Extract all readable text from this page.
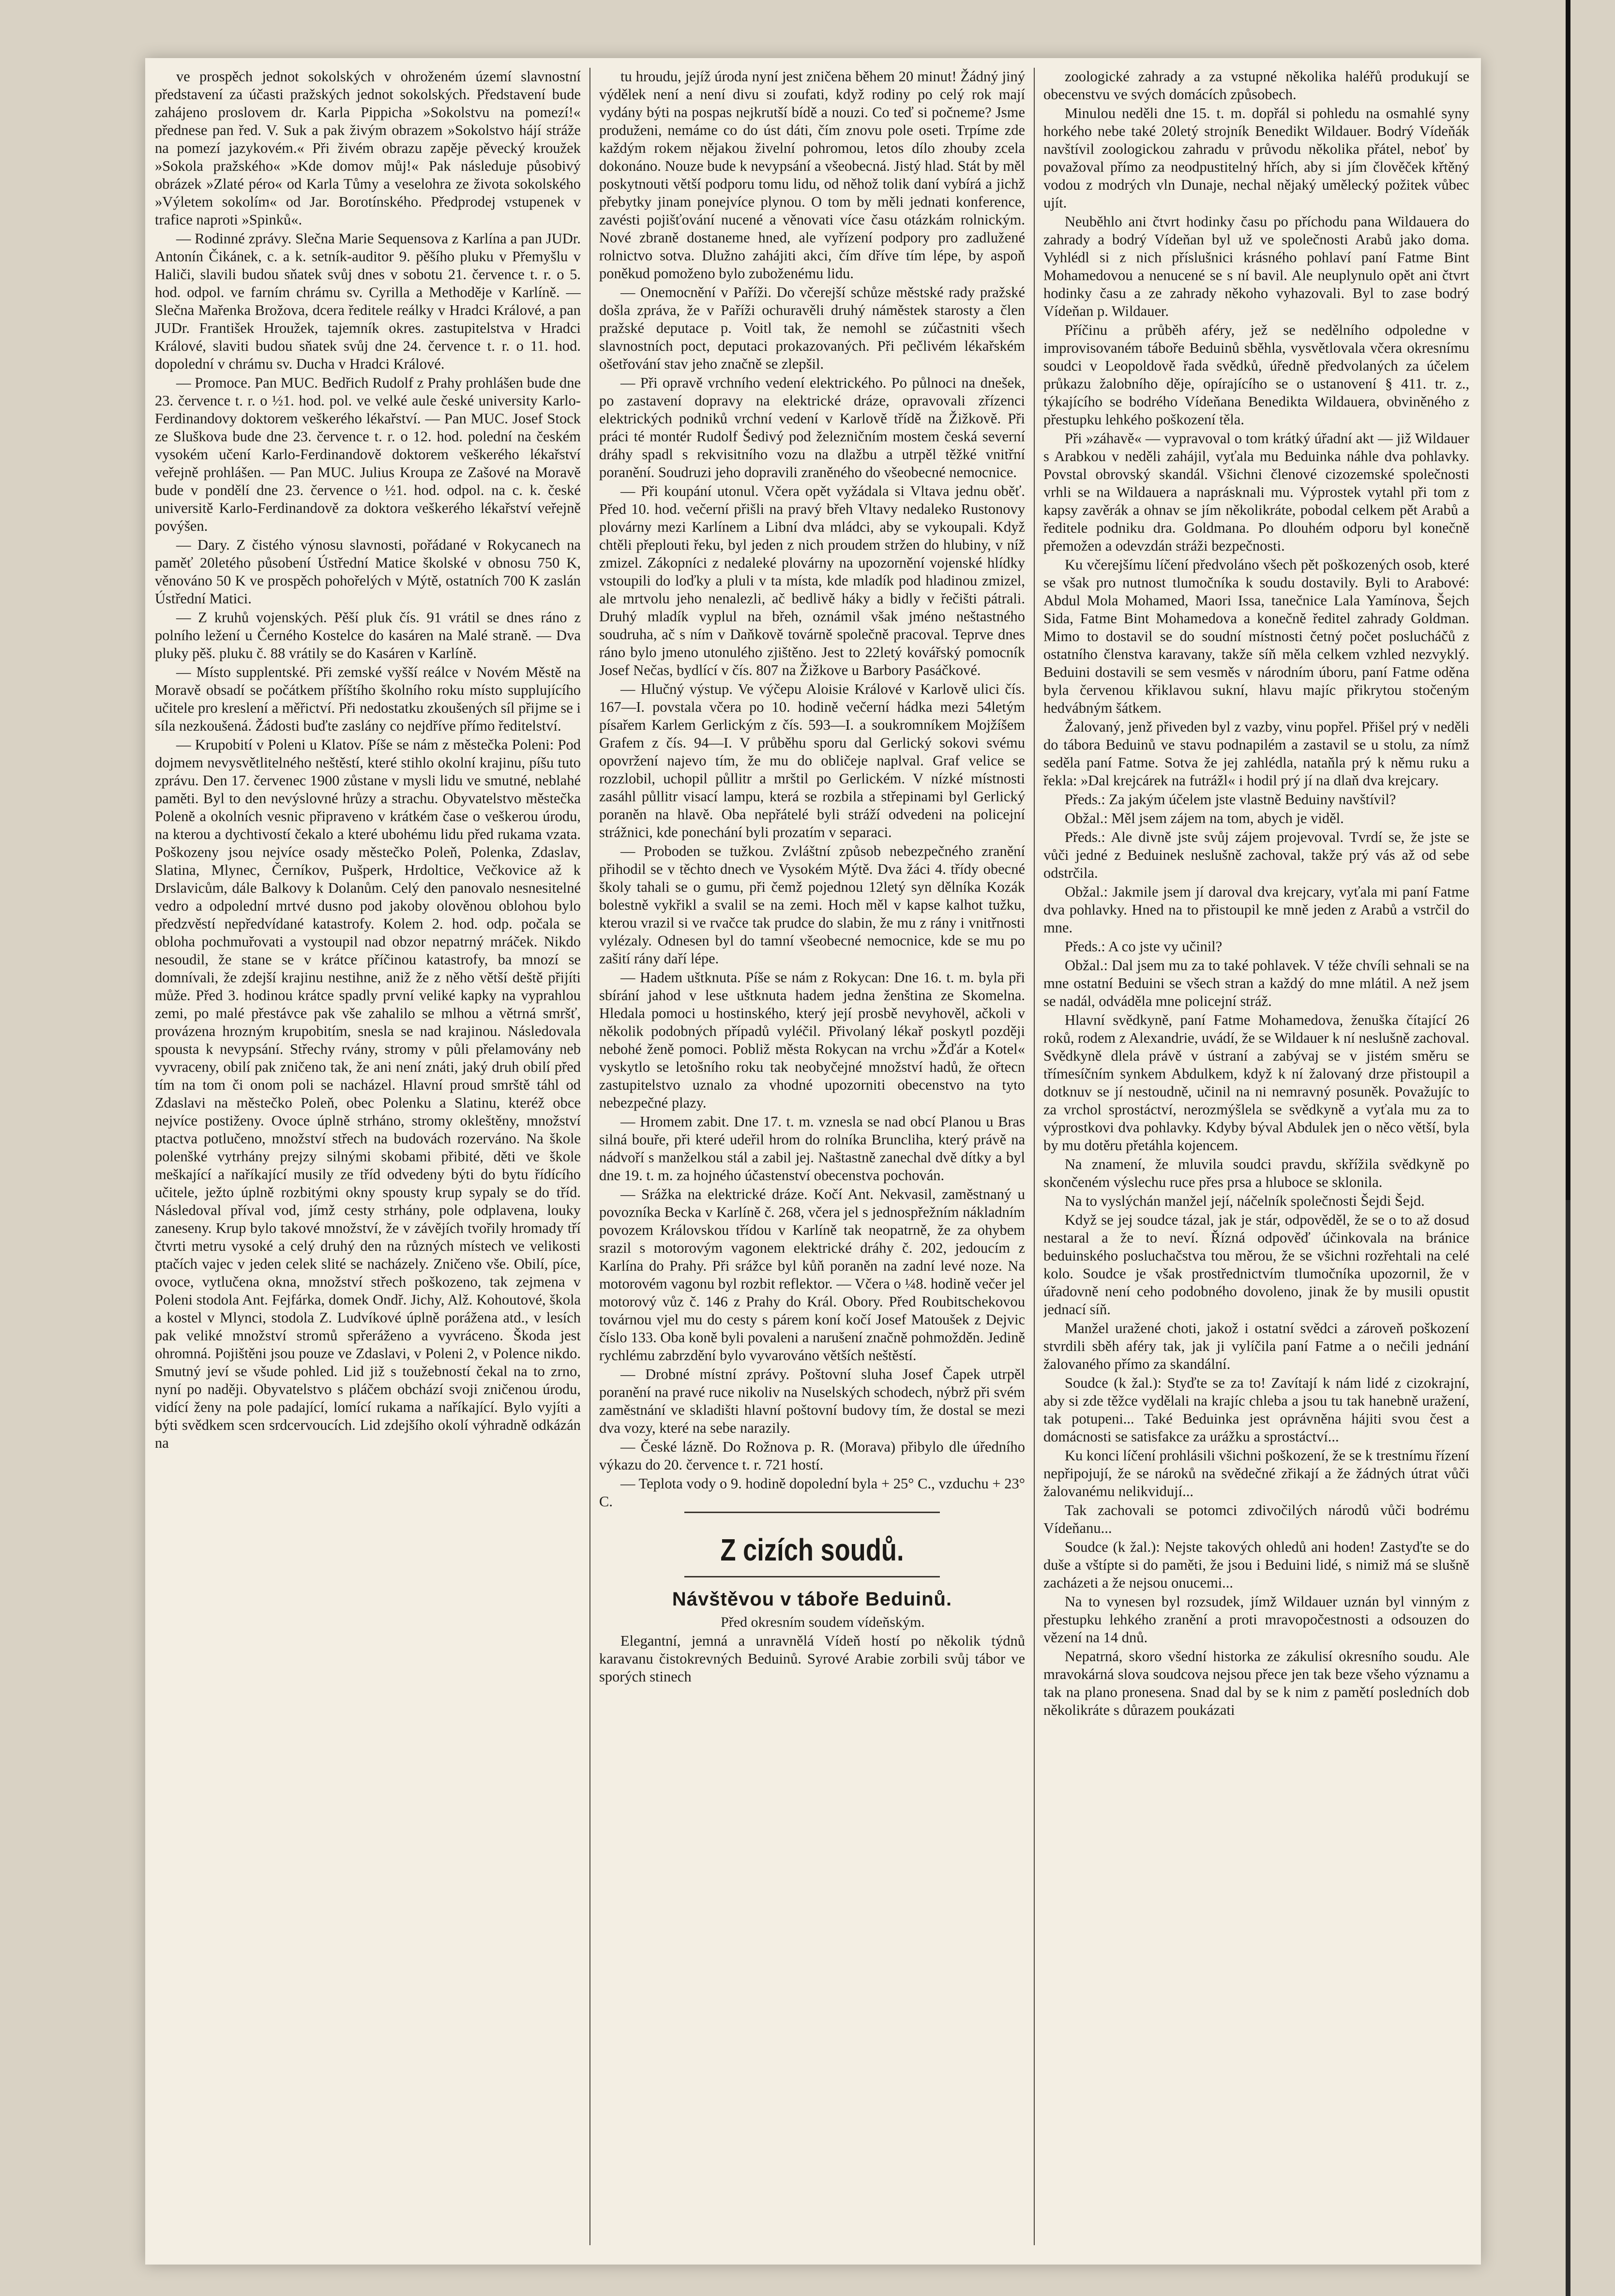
ve prospěch jednot sokolských v ohroženém území slavnostní představení za účasti pražských jednot sokolských. Představení bude zahájeno proslovem dr. Karla Pippicha »Sokolstvu na pomezí!« přednese pan řed. V. Suk a pak živým obrazem »Sokolstvo hájí stráže na pomezí jazykovém.« Při živém obrazu zapěje pěvecký kroužek »Sokola pražského« »Kde domov můj!« Pak následuje působivý obrázek »Zlaté péro« od Karla Tůmy a veselohra ze života sokolského »Výletem sokolím« od Jar. Borotínského. Předprodej vstupenek v trafice naproti »Spinků«.

— Rodinné zprávy. Slečna Marie Sequensova z Karlína a pan JUDr. Antonín Čikánek, c. a k. setník-auditor 9. pěšího pluku v Přemyšlu v Haliči, slavili budou sňatek svůj dnes v sobotu 21. července t. r. o 5. hod. odpol. ve farním chrámu sv. Cyrilla a Methoděje v Karlíně. — Slečna Mařenka Brožova, dcera ředitele reálky v Hradci Králové, a pan JUDr. František Hroužek, tajemník okres. zastupitelstva v Hradci Králové, slaviti budou sňatek svůj dne 24. července t. r. o 11. hod. dopolední v chrámu sv. Ducha v Hradci Králové.

— Promoce. Pan MUC. Bedřich Rudolf z Prahy prohlášen bude dne 23. července t. r. o ½1. hod. pol. ve velké aule české university Karlo-Ferdinandovy doktorem veškerého lékařství. — Pan MUC. Josef Stock ze Sluškova bude dne 23. července t. r. o 12. hod. polední na českém vysokém učení Karlo-Ferdinandově doktorem veškerého lékařství veřejně prohlášen. — Pan MUC. Julius Kroupa ze Zašové na Moravě bude v pondělí dne 23. července o ½1. hod. odpol. na c. k. české universitě Karlo-Ferdinandově za doktora veškerého lékařství veřejně povýšen.

— Dary. Z čistého výnosu slavnosti, pořádané v Rokycanech na paměť 20letého působení Ústřední Matice školské v obnosu 750 K, věnováno 50 K ve prospěch pohořelých v Mýtě, ostatních 700 K zaslán Ústřední Matici.

— Z kruhů vojenských. Pěší pluk čís. 91 vrátil se dnes ráno z polního ležení u Černého Kostelce do kasáren na Malé straně. — Dva pluky pěš. pluku č. 88 vrátily se do Kasáren v Karlíně.

— Místo supplentské. Při zemské vyšší reálce v Novém Městě na Moravě obsadí se počátkem příštího školního roku místo supplujícího učitele pro kreslení a měřictví. Při nedostatku zkoušených síl přijme se i síla nezkoušená. Žádosti buďte zaslány co nejdříve přímo ředitelství.

— Krupobití v Poleni u Klatov. Píše se nám z městečka Poleni: Pod dojmem nevysvětlitelného neštěstí, které stihlo okolní krajinu, píšu tuto zprávu. Den 17. červenec 1900 zůstane v mysli lidu ve smutné, neblahé paměti. Byl to den nevýslovné hrůzy a strachu. Obyvatelstvo městečka Polenĕ a okolních vesnic připraveno v krátkém čase o veškerou úrodu, na kterou a dychtivostí čekalo a které ubohému lidu před rukama vzata. Poškozeny jsou nejvíce osady městečko Poleň, Polenka, Zdaslav, Slatina, Mlynec, Černíkov, Pušperk, Hrdoltice, Večkovice až k Drslavicům, dále Balkovy k Dolanům. Celý den panovalo nesnesitelné vedro a odpolední mrtvé dusno pod jakoby olověnou oblohou bylo předzvěstí nepředvídané katastrofy. Kolem 2. hod. odp. počala se obloha pochmuřovati a vystoupil nad obzor nepatrný mráček. Nikdo nesoudil, že stane se v krátce příčinou katastrofy, ba mnozí se domnívali, že zdejší krajinu nestihne, aniž že z něho větší deště přijíti může. Před 3. hodinou krátce spadly první veliké kapky na vyprahlou zemi, po malé přestávce pak vše zahalilo se mlhou a větrná smršť, provázena hrozným krupobitím, snesla se nad krajinou. Následovala spousta k nevypsání. Střechy rvány, stromy v půli přelamovány neb vyvraceny, obilí pak zničeno tak, že ani není znáti, jaký druh obilí před tím na tom či onom poli se nacházel. Hlavní proud smrště táhl od Zdaslavi na městečko Poleň, obec Polenku a Slatinu, kteréž obce nejvíce postiženy. Ovoce úplně strháno, stromy okleštěny, množství ptactva potlučeno, množství střech na budovách rozerváno. Na škole polenšké vytrhány prejzy silnými skobami přibité, děti ve škole meškající a naříkající musily ze tříd odvedeny býti do bytu řídícího učitele, ježto úplně rozbitými okny spousty krup sypaly se do tříd. Následoval příval vod, jímž cesty strhány, pole odplavena, louky zaneseny. Krup bylo takové množství, že v závějích tvořily hromady tří čtvrti metru vysoké a celý druhý den na různých místech ve velikosti ptačích vajec v jeden celek slité se nacházely. Zničeno vše. Obilí, píce, ovoce, vytlučena okna, množství střech poškozeno, tak zejmena v Poleni stodola Ant. Fejfárka, domek Ondř. Jichy, Alž. Kohoutové, škola a kostel v Mlynci, stodola Z. Ludvíkové úplně porážena atd., v lesích pak veliké množství stromů spřeráženo a vyvráceno. Škoda jest ohromná. Pojištěni jsou pouze ve Zdaslavi, v Poleni 2, v Polence nikdo. Smutný jeví se všude pohled. Lid již s toužebností čekal na to zrno, nyní po naději. Obyvatelstvo s pláčem obchází svoji zničenou úrodu, vidící ženy na pole padající, lomící rukama a naříkající. Bylo vyjíti a býti svědkem scen srdcervoucích. Lid zdejšího okolí výhradně odkázán na

tu hroudu, jejíž úroda nyní jest zničena během 20 minut! Žádný jiný výdělek není a není divu si zoufati, když rodiny po celý rok mají vydány býti na pospas nejkrutší bídě a nouzi. Co teď si počneme? Jsme produženi, nemáme co do úst dáti, čím znovu pole oseti. Trpíme zde každým rokem nějakou živelní pohromou, letos dílo zhouby zcela dokonáno. Nouze bude k nevypsání a všeobecná. Jistý hlad. Stát by měl poskytnouti větší podporu tomu lidu, od něhož tolik daní vybírá a jichž přebytky jinam ponejvíce plynou. O tom by měli jednati konference, zavésti pojišťování nucené a věnovati více času otázkám rolnickým. Nové zbraně dostaneme hned, ale vyřízení podpory pro zadlužené rolnictvo sotva. Dlužno zahájiti akci, čím dříve tím lépe, by aspoň poněkud pomoženo bylo zuboženému lidu.

— Onemocnění v Paříži. Do včerejší schůze městské rady pražské došla zpráva, že v Paříži ochuravěli druhý náměstek starosty a člen pražské deputace p. Voitl tak, že nemohl se zúčastniti všech slavnostních poct, deputaci prokazovaných. Při pečlivém lékařském ošetřování stav jeho značně se zlepšil.

— Při opravě vrchního vedení elektrického. Po půlnoci na dnešek, po zastavení dopravy na elektrické dráze, opravovali zřízenci elektrických podniků vrchní vedení v Karlově třídě na Žižkově. Při práci té montér Rudolf Šedivý pod železničním mostem česká severní dráhy spadl s rekvisitního vozu na dlažbu a utrpěl těžké vnitřní poranění. Soudruzi jeho dopravili zraněného do všeobecné nemocnice.

— Při koupání utonul. Včera opět vyžádala si Vltava jednu oběť. Před 10. hod. večerní přišli na pravý břeh Vltavy nedaleko Rustonovy plovárny mezi Karlínem a Libní dva mládci, aby se vykoupali. Když chtěli přeplouti řeku, byl jeden z nich proudem stržen do hlubiny, v níž zmizel. Zákopníci z nedaleké plovárny na upozornění vojenské hlídky vstoupili do loďky a pluli v ta místa, kde mladík pod hladinou zmizel, ale mrtvolu jeho nenalezli, ač bedlivě háky a bidly v řečišti pátrali. Druhý mladík vyplul na břeh, oznámil však jméno neštastného soudruha, ač s ním v Daňkově továrně společně pracoval. Teprve dnes ráno bylo jmeno utonulého zjištěno. Jest to 22letý kovářský pomocník Josef Nečas, bydlící v čís. 807 na Žižkove u Barbory Pasáčkové.

— Hlučný výstup. Ve výčepu Aloisie Králové v Karlově ulici čís. 167—I. povstala včera po 10. hodině večerní hádka mezi 54letým písařem Karlem Gerlickým z čís. 593—I. a soukromníkem Mojžíšem Grafem z čís. 94—I. V průběhu sporu dal Gerlický sokovi svému opovržení najevo tím, že mu do obličeje naplval. Graf velice se rozzlobil, uchopil půllitr a mrštil po Gerlickém. V nízké místnosti zasáhl půllitr visací lampu, která se rozbila a střepinami byl Gerlický poraněn na hlavě. Oba nepřátelé byli stráží odvedeni na policejní strážnici, kde ponechání byli prozatím v separaci.

— Proboden se tužkou. Zvláštní způsob nebezpečného zranění přihodil se v těchto dnech ve Vysokém Mýtě. Dva žáci 4. třídy obecné školy tahali se o gumu, při čemž pojednou 12letý syn dělníka Kozák bolestně vykřikl a svalil se na zemi. Hoch měl v kapse kalhot tužku, kterou vrazil si ve rvačce tak prudce do slabin, že mu z rány i vnitřnosti vylézaly. Odnesen byl do tamní všeobecné nemocnice, kde se mu po zašití rány daří lépe.

— Hadem uštknuta. Píše se nám z Rokycan: Dne 16. t. m. byla při sbírání jahod v lese uštknuta hadem jedna ženština ze Skomelna. Hledala pomoci u hostinského, který její prosbě nevyhověl, ačkoli v několik podobných případů vyléčil. Přivolaný lékař poskytl později nebohé ženě pomoci. Pobliž města Rokycan na vrchu »Žďár a Kotel« vyskytlo se letošního roku tak neobyčejné množství hadů, že ořtecn zastupitelstvo uznalo za vhodné upozorniti obecenstvo na tyto nebezpečné plazy.

— Hromem zabit. Dne 17. t. m. vznesla se nad obcí Planou u Bras silná bouře, při které udeřil hrom do rolníka Bruncliha, který právě na nádvoří s manželkou stál a zabil jej. Naštastně zanechal dvě dítky a byl dne 19. t. m. za hojného účastenství obecenstva pochován.

— Srážka na elektrické dráze. Kočí Ant. Nekvasil, zaměstnaný u povozníka Becka v Karlíně č. 268, včera jel s jednospřežním nákladním povozem Královskou třídou v Karlíně tak neopatrně, že za ohybem srazil s motorovým vagonem elektrické dráhy č. 202, jedoucím z Karlína do Prahy. Při srážce byl kůň poraněn na zadní levé noze. Na motorovém vagonu byl rozbit reflektor. — Včera o ¼8. hodině večer jel motorový vůz č. 146 z Prahy do Král. Obory. Před Roubitschekovou továrnou vjel mu do cesty s párem koní kočí Josef Matoušek z Dejvic číslo 133. Oba koně byli povaleni a narušení značně pohmožděn. Jedině rychlému zabrzdění bylo vyvarováno větších neštěstí.

— Drobné místní zprávy. Poštovní sluha Josef Čapek utrpěl poranění na pravé ruce nikoliv na Nuselských schodech, nýbrž při svém zaměstnání ve skladišti hlavní poštovní budovy tím, že dostal se mezi dva vozy, které na sebe narazily.

— České lázně. Do Rožnova p. R. (Morava) přibylo dle úředního výkazu do 20. července t. r. 721 hostí.

— Teplota vody o 9. hodině dopolední byla + 25° C., vzduchu + 23° C.

Z cizích soudů.
Návštěvou v táboře Beduinů.

Před okresním soudem vídeňským.

Elegantní, jemná a unravnělá Vídeň hostí po několik týdnů karavanu čistokrevných Beduinů. Syrové Arabie zorbili svůj tábor ve sporých stinech

zoologické zahrady a za vstupné několika haléřů produkují se obecenstvu ve svých domácích způsobech.

Minulou neděli dne 15. t. m. dopřál si pohledu na osmahlé syny horkého nebe také 20letý strojník Benedikt Wildauer. Bodrý Vídeňák navštívil zoologickou zahradu v průvodu několika přátel, neboť by považoval přímo za neodpustitelný hřích, aby si jím člověček křtěný vodou z modrých vln Dunaje, nechal nějaký umělecký požitek vůbec ujít.

Neuběhlo ani čtvrt hodinky času po příchodu pana Wildauera do zahrady a bodrý Vídeňan byl už ve společnosti Arabů jako doma. Vyhlédl si z nich příslušnici krásného pohlaví paní Fatme Bint Mohamedovou a nenucené se s ní bavil. Ale neuplynulo opět ani čtvrt hodinky času a ze zahrady někoho vyhazovali. Byl to zase bodrý Vídeňan p. Wildauer.

Příčinu a průběh aféry, jež se nedělního odpoledne v improvisovaném táboře Beduinů sběhla, vysvětlovala včera okresnímu soudci v Leopoldově řada svědků, úředně předvolaných za účelem průkazu žalobního děje, opírajícího se o ustanovení § 411. tr. z., týkajícího se bodrého Vídeňana Benedikta Wildauera, obviněného z přestupku lehkého poškození těla.

Při »záhavě« — vypravoval o tom krátký úřadní akt — již Wildauer s Arabkou v neděli zahájil, vyťala mu Beduinka náhle dva pohlavky. Povstal obrovský skandál. Všichni členové cizozemské společnosti vrhli se na Wildauera a naprásknali mu. Výprostek vytahl při tom z kapsy zavěrák a ohnav se jím několikráte, pobodal celkem pět Arabů a ředitele podniku dra. Goldmana. Po dlouhém odporu byl konečně přemožen a odevzdán stráži bezpečnosti.

Ku včerejšímu líčení předvoláno všech pět poškozených osob, které se však pro nutnost tlumočníka k soudu dostavily. Byli to Arabové: Abdul Mola Mohamed, Maori Issa, tanečnice Lala Yamínova, Šejch Sida, Fatme Bint Mohamedova a konečně ředitel zahrady Goldman. Mimo to dostavil se do soudní místnosti četný počet poslucháčů z ostatního členstva karavany, takže síň měla celkem vzhled nezvyklý. Beduini dostavili se sem vesměs v národním úboru, paní Fatme oděna byla červenou křiklavou sukní, hlavu majíc přikrytou stočeným hedvábným šátkem.

Žalovaný, jenž přiveden byl z vazby, vinu popřel. Přišel prý v neděli do tábora Beduinů ve stavu podnapilém a zastavil se u stolu, za nímž seděla paní Fatme. Sotva že jej zahlédla, nataňla prý k němu ruku a řekla: »Dal krejcárek na futrážl« i hodil prý jí na dlaň dva krejcary.

Předs.: Za jakým účelem jste vlastně Beduiny navštívil?

Obžal.: Měl jsem zájem na tom, abych je viděl.

Předs.: Ale divně jste svůj zájem projevoval. Tvrdí se, že jste se vůči jedné z Beduinek neslušně zachoval, takže prý vás až od sebe odstrčila.

Obžal.: Jakmile jsem jí daroval dva krejcary, vyťala mi paní Fatme dva pohlavky. Hned na to přistoupil ke mně jeden z Arabů a vstrčil do mne.

Předs.: A co jste vy učinil?

Obžal.: Dal jsem mu za to také pohlavek. V téže chvíli sehnali se na mne ostatní Beduini se všech stran a každý do mne mlátil. A než jsem se nadál, odváděla mne policejní stráž.

Hlavní svědkyně, paní Fatme Mohamedova, ženuška čítající 26 roků, rodem z Alexandrie, uvádí, že se Wildauer k ní neslušně zachoval. Svědkyně dlela právě v ústraní a zabývaj se v jistém směru se třímesíčním synkem Abdulkem, když k ní žalovaný drze přistoupil a dotknuv se jí nestoudně, učinil na ni nemravný posuněk. Považujíc to za vrchol sprostáctví, nerozmýšlela se svědkyně a vyťala mu za to výprostkovi dva pohlavky. Kdyby býval Abdulek jen o něco větší, byla by mu dotěru přetáhla kojencem.

Na znamení, že mluvila soudci pravdu, skřížila svědkyně po skončeném výslechu ruce přes prsa a hluboce se sklonila.

Na to vyslýchán manžel její, náčelník společnosti Šejdi Šejd.

Když se jej soudce tázal, jak je stár, odpověděl, že se o to až dosud nestaral a že to neví. Řízná odpověď účinkovala na bránice beduinského posluchačstva tou měrou, že se všichni rozřehtali na celé kolo. Soudce je však prostřednictvím tlumočníka upozornil, že v úřadovně není ceho podobného dovoleno, jinak že by musili opustit jednací síň.

Manžel uražené choti, jakož i ostatní svědci a zároveň poškození stvrdili sběh aféry tak, jak ji vylíčila paní Fatme a o nečili jednání žalovaného přímo za skandální.

Soudce (k žal.): Styďte se za to! Zavítají k nám lidé z cizokrajní, aby si zde těžce vydělali na krajíc chleba a jsou tu tak hanebně uražení, tak potupeni... Také Beduinka jest oprávněna hájiti svou čest a domácnosti se satisfakce za urážku a sprostáctví...

Ku konci líčení prohlásili všichni poškození, že se k trestnímu řízení nepřipojují, že se nároků na svědečné zřikají a že žádných útrat vůči žalovanému nelikvidují...

Tak zachovali se potomci zdivočilých národů vůči bodrému Vídeňanu...

Soudce (k žal.): Nejste takových ohledů ani hoden! Zastyďte se do duše a vštípte si do paměti, že jsou i Beduini lidé, s nimiž má se slušně zacházeti a že nejsou onucemi...

Na to vynesen byl rozsudek, jímž Wildauer uznán byl vinným z přestupku lehkého zranění a proti mravopočestnosti a odsouzen do vězení na 14 dnů.

Nepatrná, skoro všední historka ze zákulisí okresního soudu. Ale mravokárná slova soudcova nejsou přece jen tak beze všeho významu a tak na plano pronesena. Snad dal by se k nim z pamětí posledních dob několikráte s důrazem poukázati
